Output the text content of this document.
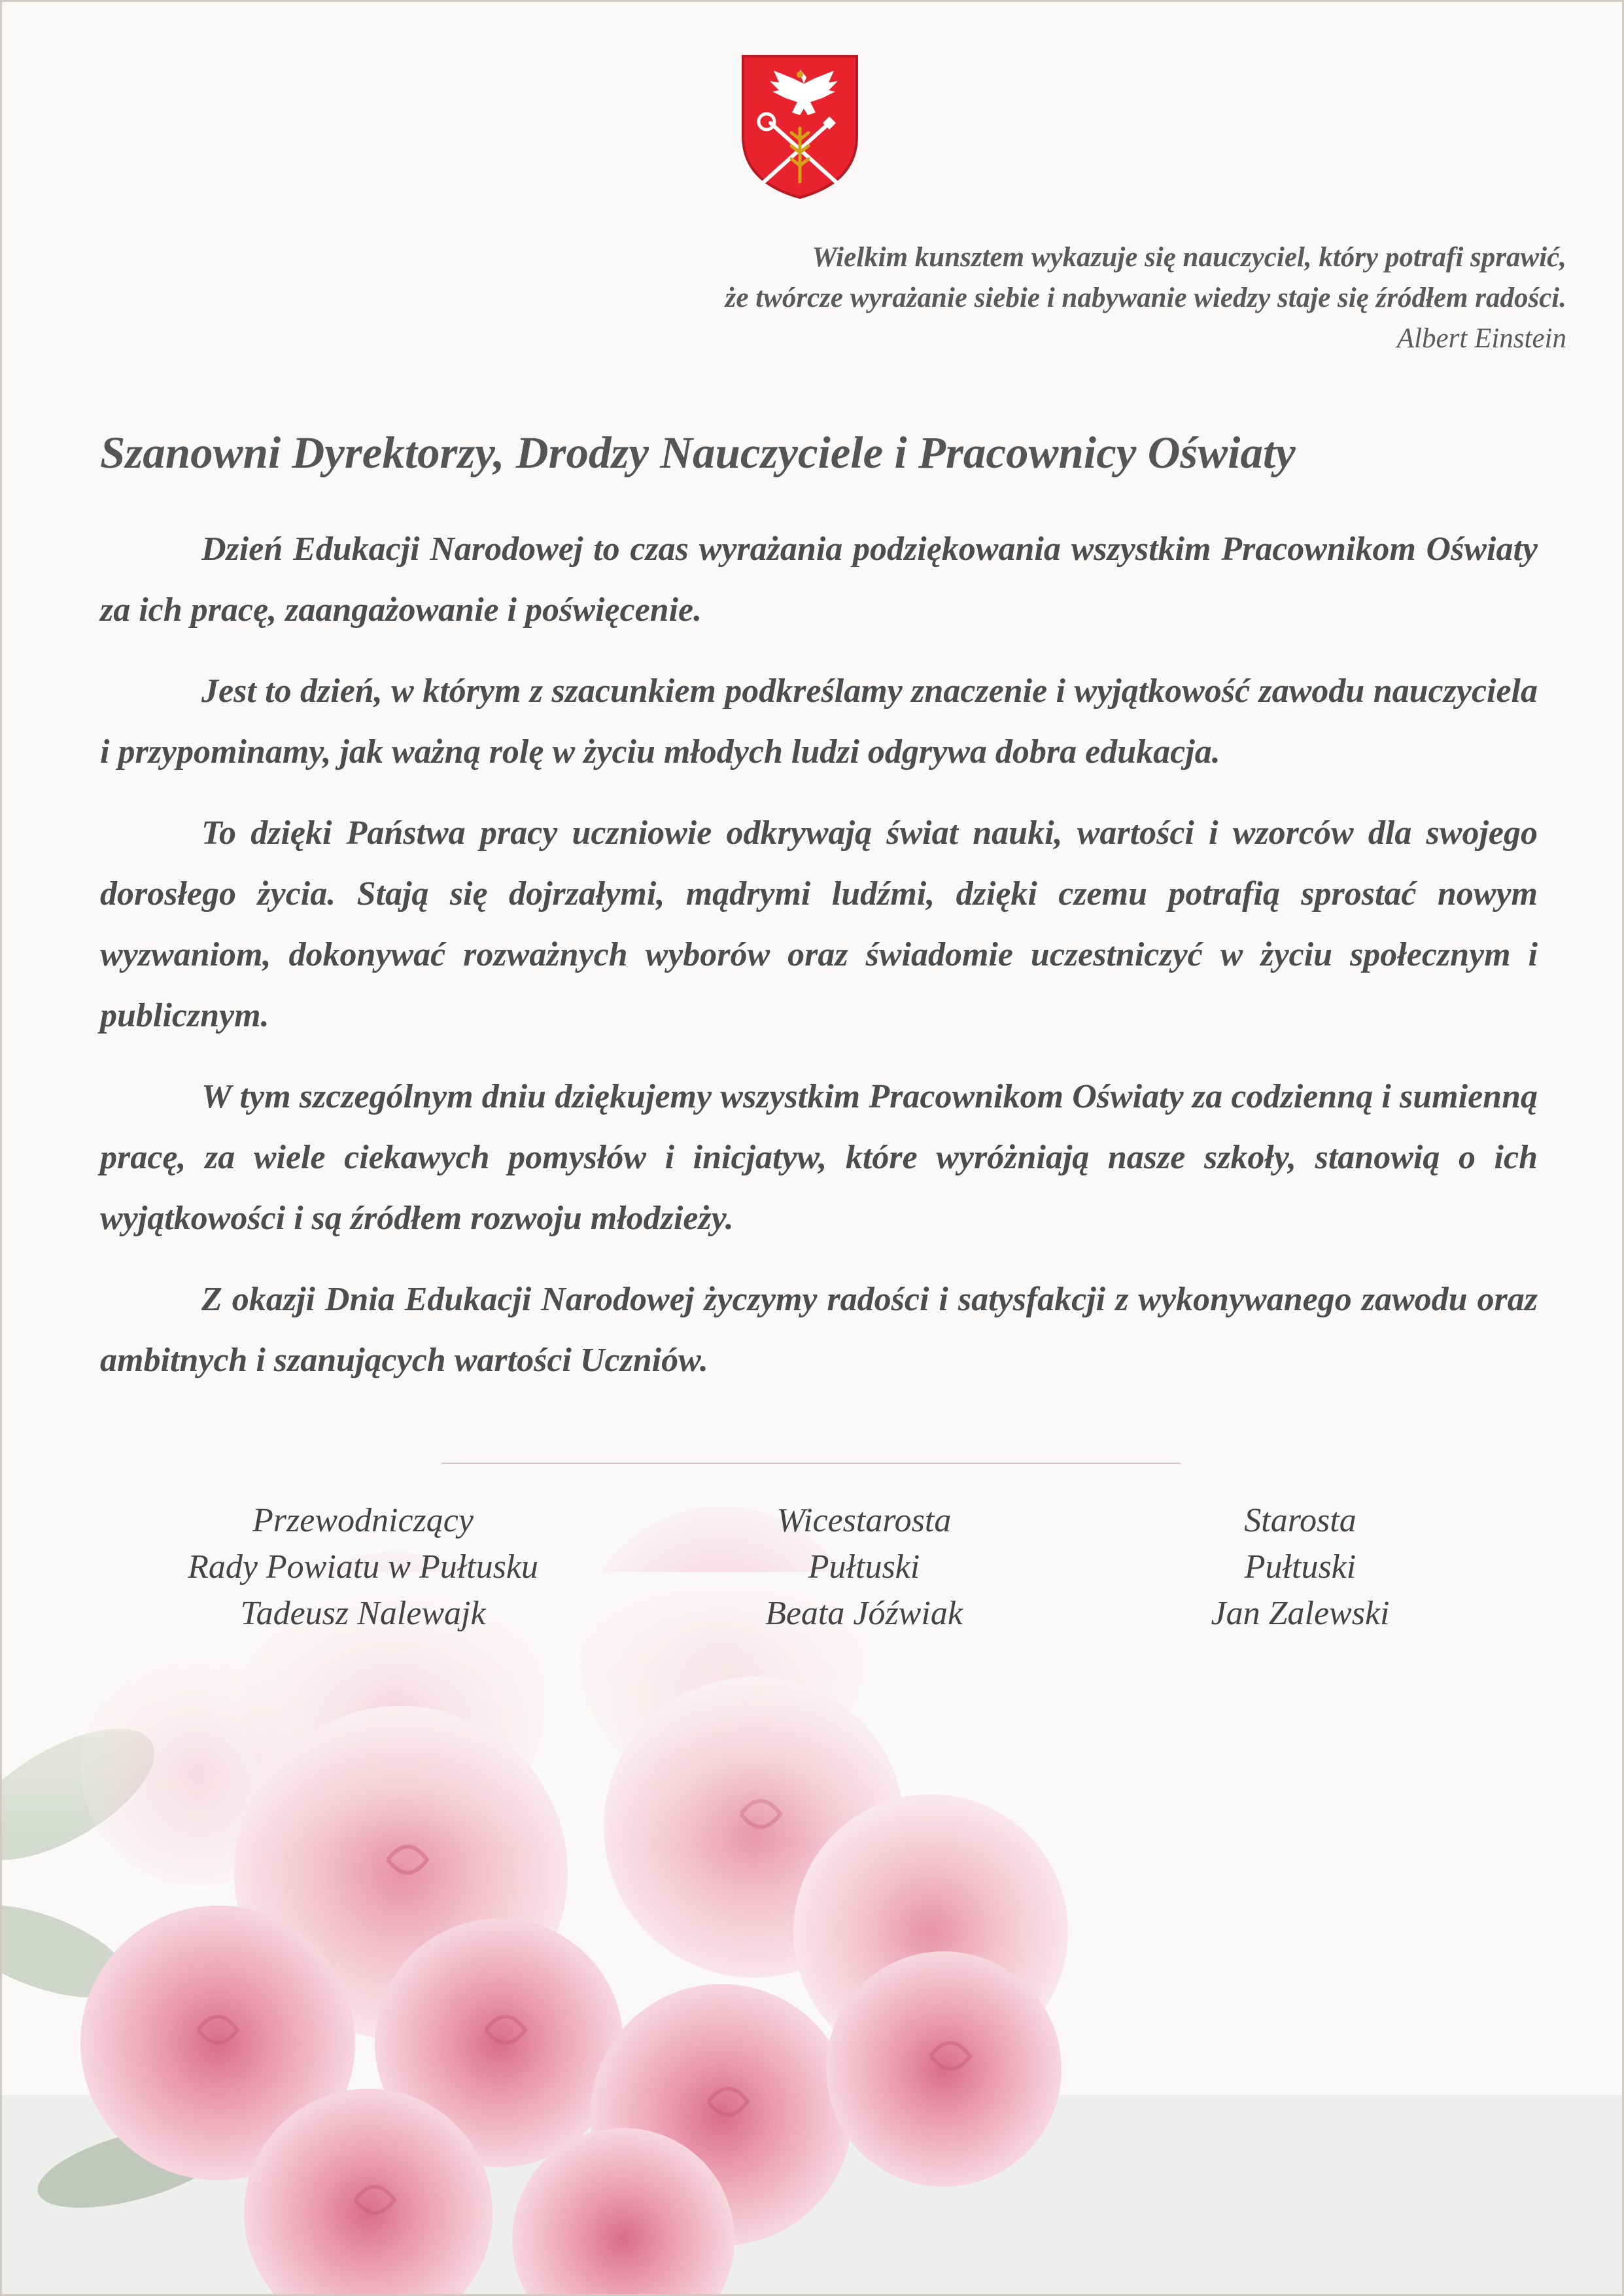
Wielkim kunsztem wykazuje się nauczyciel, który potrafi sprawić,
że twórcze wyrażanie siebie i nabywanie wiedzy staje się źródłem radości.
Albert Einstein
Szanowni Dyrektorzy, Drodzy Nauczyciele i Pracownicy Oświaty

Dzień Edukacji Narodowej to czas wyrażania podziękowania wszystkim Pracownikom Oświaty za ich pracę, zaangażowanie i poświęcenie.

Jest to dzień, w którym z szacunkiem podkreślamy znaczenie i wyjątkowość zawodu nauczyciela i przypominamy, jak ważną rolę w życiu młodych ludzi odgrywa dobra edukacja.

To dzięki Państwa pracy uczniowie odkrywają świat nauki, wartości i wzorców dla swojego dorosłego życia. Stają się dojrzałymi, mądrymi ludźmi, dzięki czemu potrafią sprostać nowym wyzwaniom, dokonywać rozważnych wyborów oraz świadomie uczestniczyć w życiu społecznym i publicznym.

W tym szczególnym dniu dziękujemy wszystkim Pracownikom Oświaty za codzienną i sumienną pracę, za wiele ciekawych pomysłów i inicjatyw, które wyróżniają nasze szkoły, stanowią o ich wyjątkowości i są źródłem rozwoju młodzieży.

Z okazji Dnia Edukacji Narodowej życzymy radości i satysfakcji z wykonywanego zawodu oraz ambitnych i szanujących wartości Uczniów.

Przewodniczący
Rady Powiatu w Pułtusku
Tadeusz Nalewajk
Wicestarosta
Pułtuski
Beata Jóźwiak
Starosta
Pułtuski
Jan Zalewski
